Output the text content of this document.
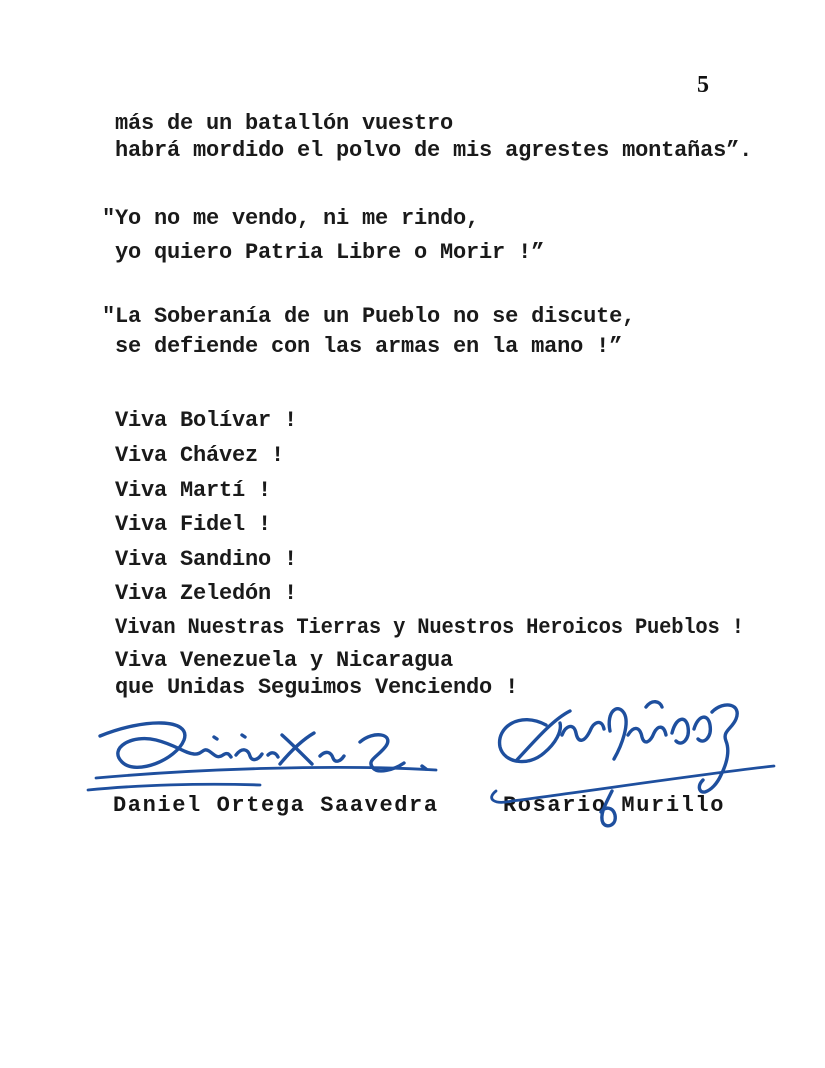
5
más de un batallón vuestro
habrá mordido el polvo de mis agrestes montañas”.
"Yo no me vendo, ni me rindo,
yo quiero Patria Libre o Morir !”
"La Soberanía de un Pueblo no se discute,
se defiende con las armas en la mano !”
Viva Bolívar !
Viva Chávez !
Viva Martí !
Viva Fidel !
Viva Sandino !
Viva Zeledón !
Vivan Nuestras Tierras y Nuestros Heroicos Pueblos !
Viva Venezuela y Nicaragua
que Unidas Seguimos Venciendo !
Daniel Ortega Saavedra	Rosario Murillo
